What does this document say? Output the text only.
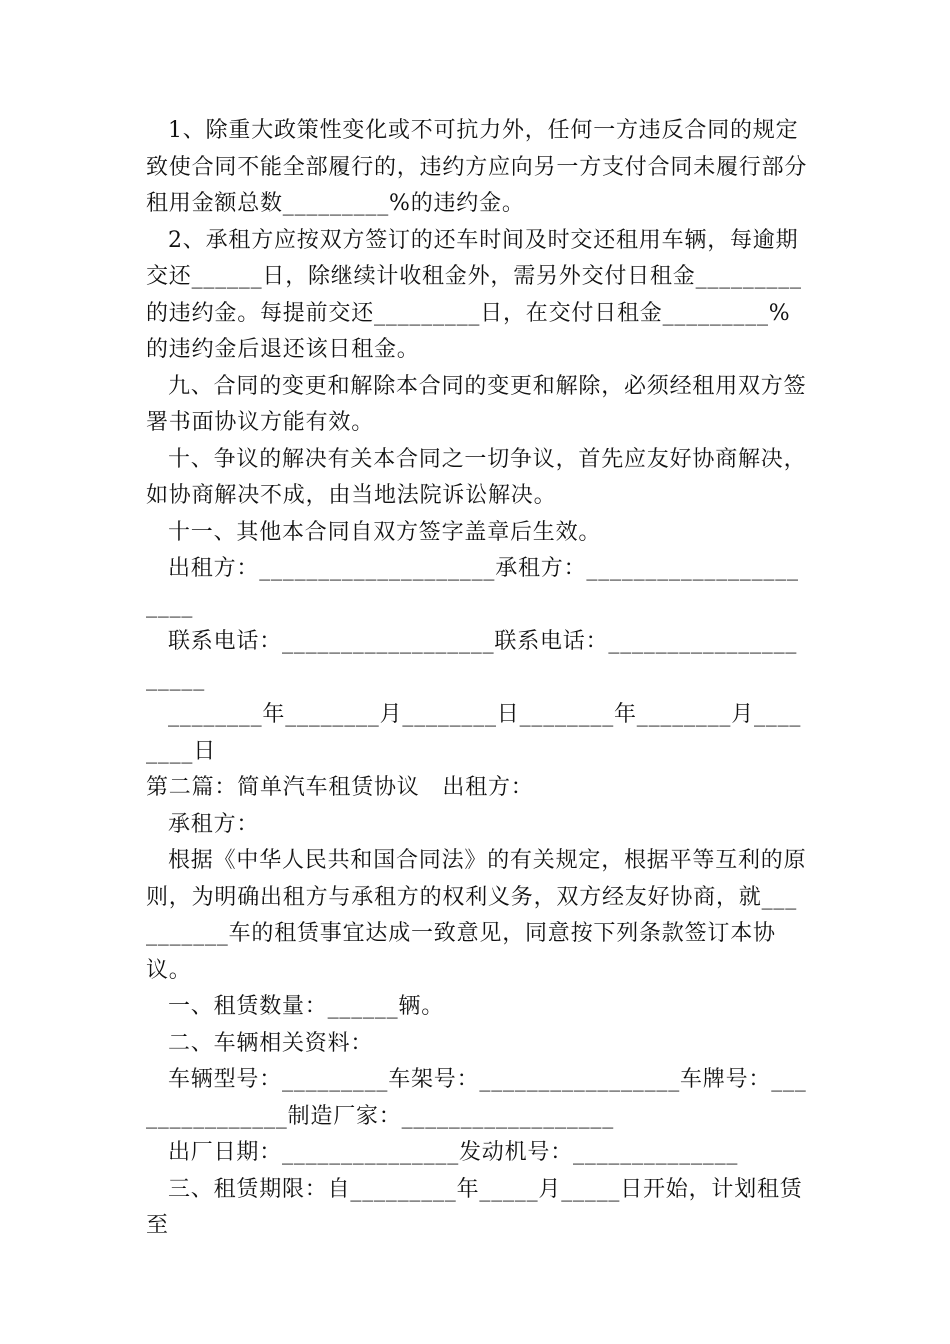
1、除重大政策性变化或不可抗力外，任何一方违反合同的规定致使合同不能全部履行的，违约方应向另一方支付合同未履行部分租用金额总数_________%的违约金。

2、承租方应按双方签订的还车时间及时交还租用车辆，每逾期交还______日，除继续计收租金外，需另外交付日租金_________的违约金。每提前交还_________日，在交付日租金_________%的违约金后退还该日租金。

九、合同的变更和解除本合同的变更和解除，必须经租用双方签署书面协议方能有效。

十、争议的解决有关本合同之一切争议，首先应友好协商解决，如协商解决不成，由当地法院诉讼解决。

十一、其他本合同自双方签字盖章后生效。

出租方：____________________承租方：______________________

联系电话：__________________联系电话：_____________________

________年________月________日________年________月________日

第二篇：简单汽车租赁协议　出租方：

承租方：

根据《中华人民共和国合同法》的有关规定，根据平等互利的原则，为明确出租方与承租方的权利义务，双方经友好协商，就__________车的租赁事宜达成一致意见，同意按下列条款签订本协议。

一、租赁数量：______辆。

二、车辆相关资料：

车辆型号：_________车架号：_________________车牌号：_______________制造厂家：__________________

出厂日期：_______________发动机号：______________

三、租赁期限：自_________年_____月_____日开始，计划租赁至
